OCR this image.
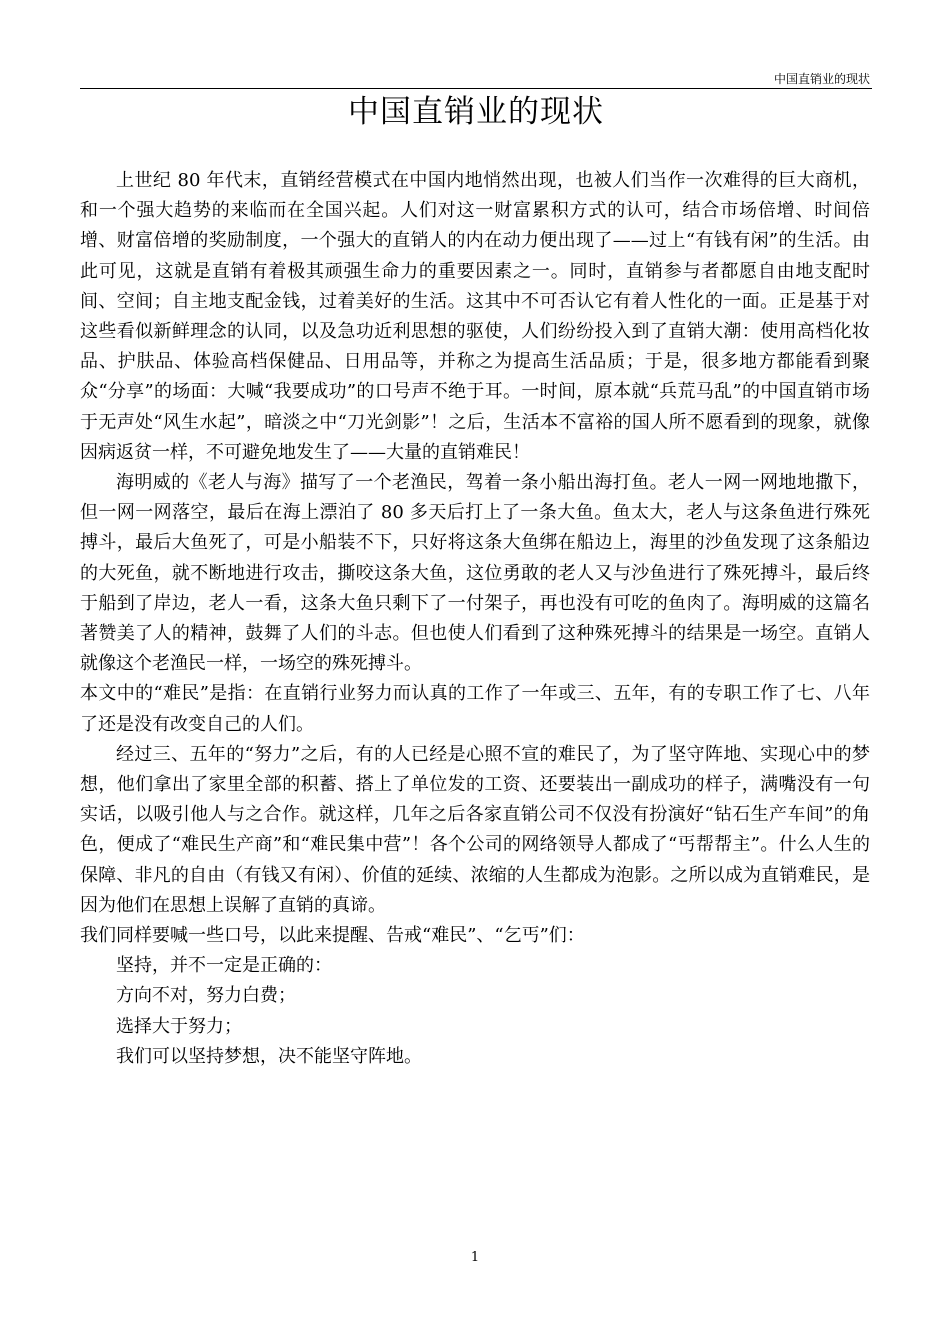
中国直销业的现状
中国直销业的现状

上世纪 80 年代末，直销经营模式在中国内地悄然出现，也被人们当作一次难得的巨大商机，和一个强大趋势的来临而在全国兴起。人们对这一财富累积方式的认可，结合市场倍增、时间倍增、财富倍增的奖励制度，一个强大的直销人的内在动力便出现了——过上“有钱有闲”的生活。由此可见，这就是直销有着极其顽强生命力的重要因素之一。同时，直销参与者都愿自由地支配时间、空间；自主地支配金钱，过着美好的生活。这其中不可否认它有着人性化的一面。正是基于对这些看似新鲜理念的认同，以及急功近利思想的驱使，人们纷纷投入到了直销大潮：使用高档化妆品、护肤品、体验高档保健品、日用品等，并称之为提高生活品质；于是，很多地方都能看到聚众“分享”的场面：大喊“我要成功”的口号声不绝于耳。一时间，原本就“兵荒马乱”的中国直销市场于无声处“风生水起”，暗淡之中“刀光剑影”！之后，生活本不富裕的国人所不愿看到的现象，就像因病返贫一样，不可避免地发生了——大量的直销难民！

海明威的《老人与海》描写了一个老渔民，驾着一条小船出海打鱼。老人一网一网地地撒下，但一网一网落空，最后在海上漂泊了 80 多天后打上了一条大鱼。鱼太大，老人与这条鱼进行殊死搏斗，最后大鱼死了，可是小船装不下，只好将这条大鱼绑在船边上，海里的沙鱼发现了这条船边的大死鱼，就不断地进行攻击，撕咬这条大鱼，这位勇敢的老人又与沙鱼进行了殊死搏斗，最后终于船到了岸边，老人一看，这条大鱼只剩下了一付架子，再也没有可吃的鱼肉了。海明威的这篇名著赞美了人的精神，鼓舞了人们的斗志。但也使人们看到了这种殊死搏斗的结果是一场空。直销人就像这个老渔民一样，一场空的殊死搏斗。

本文中的“难民”是指：在直销行业努力而认真的工作了一年或三、五年，有的专职工作了七、八年了还是没有改变自己的人们。

经过三、五年的“努力”之后，有的人已经是心照不宣的难民了，为了坚守阵地、实现心中的梦想，他们拿出了家里全部的积蓄、搭上了单位发的工资、还要装出一副成功的样子，满嘴没有一句实话，以吸引他人与之合作。就这样，几年之后各家直销公司不仅没有扮演好“钻石生产车间”的角色，便成了“难民生产商”和“难民集中营”！各个公司的网络领导人都成了“丐帮帮主”。什么人生的保障、非凡的自由（有钱又有闲）、价值的延续、浓缩的人生都成为泡影。之所以成为直销难民，是因为他们在思想上误解了直销的真谛。

我们同样要喊一些口号，以此来提醒、告戒“难民”、“乞丐”们：

坚持，并不一定是正确的：

方向不对，努力白费；

选择大于努力；

我们可以坚持梦想，决不能坚守阵地。

1
